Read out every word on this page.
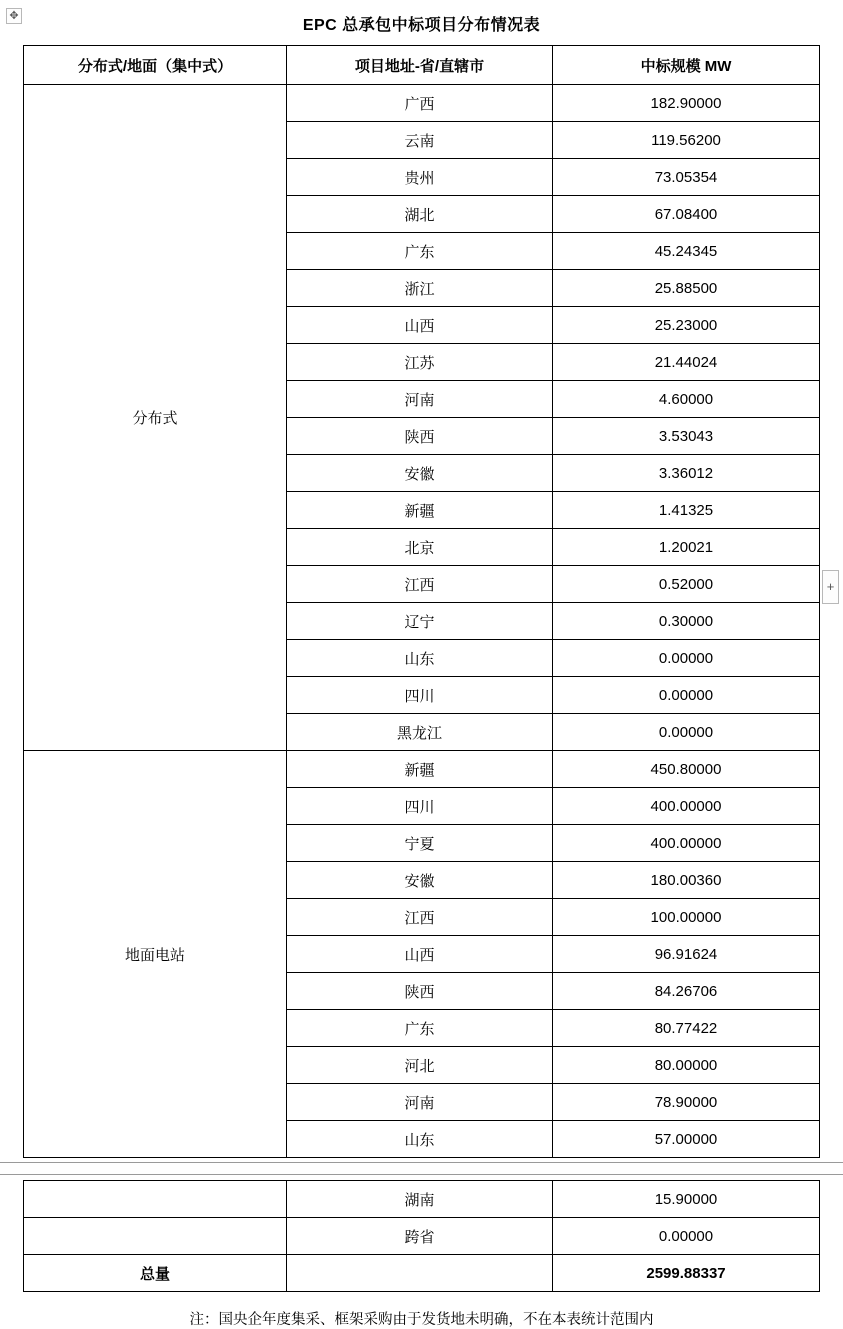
✥
+
EPC 总承包中标项目分布情况表
分布式/地面（集中式）	项目地址-省/直辖市	中标规模 MW
分布式	广西	182.90000
	云南	119.56200
	贵州	73.05354
	湖北	67.08400
	广东	45.24345
	浙江	25.88500
	山西	25.23000
	江苏	21.44024
	河南	4.60000
	陕西	3.53043
	安徽	3.36012
	新疆	1.41325
	北京	1.20021
	江西	0.52000
	辽宁	0.30000
	山东	0.00000
	四川	0.00000
	黑龙江	0.00000
地面电站	新疆	450.80000
	四川	400.00000
	宁夏	400.00000
	安徽	180.00360
	江西	100.00000
	山西	96.91624
	陕西	84.26706
	广东	80.77422
	河北	80.00000
	河南	78.90000
	山东	57.00000
	湖南	15.90000
	跨省	0.00000
总量		2599.88337
注：国央企年度集采、框架采购由于发货地未明确，不在本表统计范围内
